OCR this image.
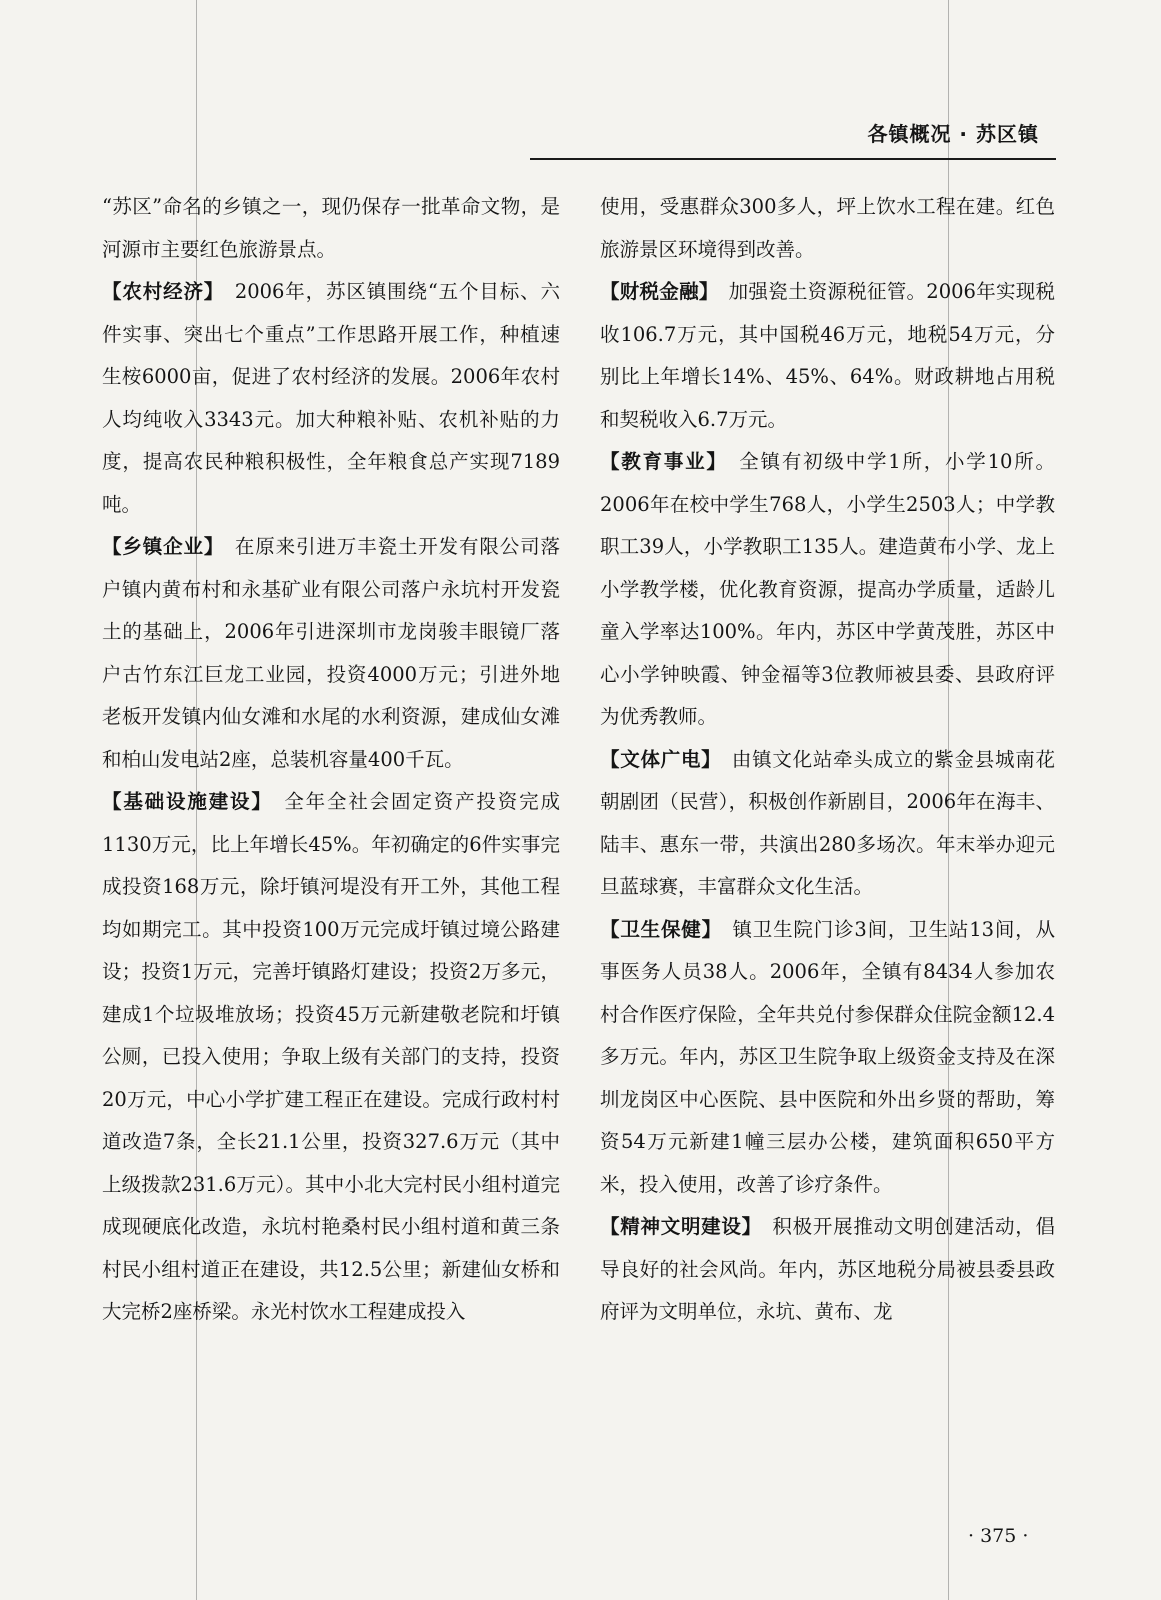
各镇概况 · 苏区镇

“苏区”命名的乡镇之一，现仍保存一批革命文物，是河源市主要红色旅游景点。

【农村经济】　 2006年，苏区镇围绕“五个目标、六件实事、突出七个重点”工作思路开展工作，种植速生桉6000亩，促进了农村经济的发展。2006年农村人均纯收入3343元。加大种粮补贴、农机补贴的力度，提高农民种粮积极性，全年粮食总产实现7189吨。

【乡镇企业】　 在原来引进万丰瓷土开发有限公司落户镇内黄布村和永基矿业有限公司落户永坑村开发瓷土的基础上，2006年引进深圳市龙岗骏丰眼镜厂落户古竹东江巨龙工业园，投资4000万元；引进外地老板开发镇内仙女滩和水尾的水利资源，建成仙女滩和柏山发电站2座，总装机容量400千瓦。

【基础设施建设】　 全年全社会固定资产投资完成1130万元，比上年增长45%。年初确定的6件实事完成投资168万元，除圩镇河堤没有开工外，其他工程均如期完工。其中投资100万元完成圩镇过境公路建设；投资1万元，完善圩镇路灯建设；投资2万多元，建成1个垃圾堆放场；投资45万元新建敬老院和圩镇公厕，已投入使用；争取上级有关部门的支持，投资20万元，中心小学扩建工程正在建设。完成行政村村道改造7条，全长21.1公里，投资327.6万元（其中上级拨款231.6万元）。其中小北大完村民小组村道完成现硬底化改造，永坑村艳桑村民小组村道和黄三条村民小组村道正在建设，共12.5公里；新建仙女桥和大完桥2座桥梁。永光村饮水工程建成投入

使用，受惠群众300多人，坪上饮水工程在建。红色旅游景区环境得到改善。

【财税金融】　 加强瓷土资源税征管。2006年实现税收106.7万元，其中国税46万元，地税54万元，分别比上年增长14%、45%、64%。财政耕地占用税和契税收入6.7万元。

【教育事业】　 全镇有初级中学1所，小学10所。2006年在校中学生768人，小学生2503人；中学教职工39人，小学教职工135人。建造黄布小学、龙上小学教学楼，优化教育资源，提高办学质量，适龄儿童入学率达100%。年内，苏区中学黄茂胜，苏区中心小学钟映霞、钟金福等3位教师被县委、县政府评为优秀教师。

【文体广电】　 由镇文化站牵头成立的紫金县城南花朝剧团（民营），积极创作新剧目，2006年在海丰、陆丰、惠东一带，共演出280多场次。年末举办迎元旦蓝球赛，丰富群众文化生活。

【卫生保健】　 镇卫生院门诊3间，卫生站13间，从事医务人员38人。2006年，全镇有8434人参加农村合作医疗保险，全年共兑付参保群众住院金额12.4多万元。年内，苏区卫生院争取上级资金支持及在深圳龙岗区中心医院、县中医院和外出乡贤的帮助，筹资54万元新建1幢三层办公楼，建筑面积650平方米，投入使用，改善了诊疗条件。

【精神文明建设】　 积极开展推动文明创建活动，倡导良好的社会风尚。年内，苏区地税分局被县委县政府评为文明单位，永坑、黄布、龙

· 375 ·
